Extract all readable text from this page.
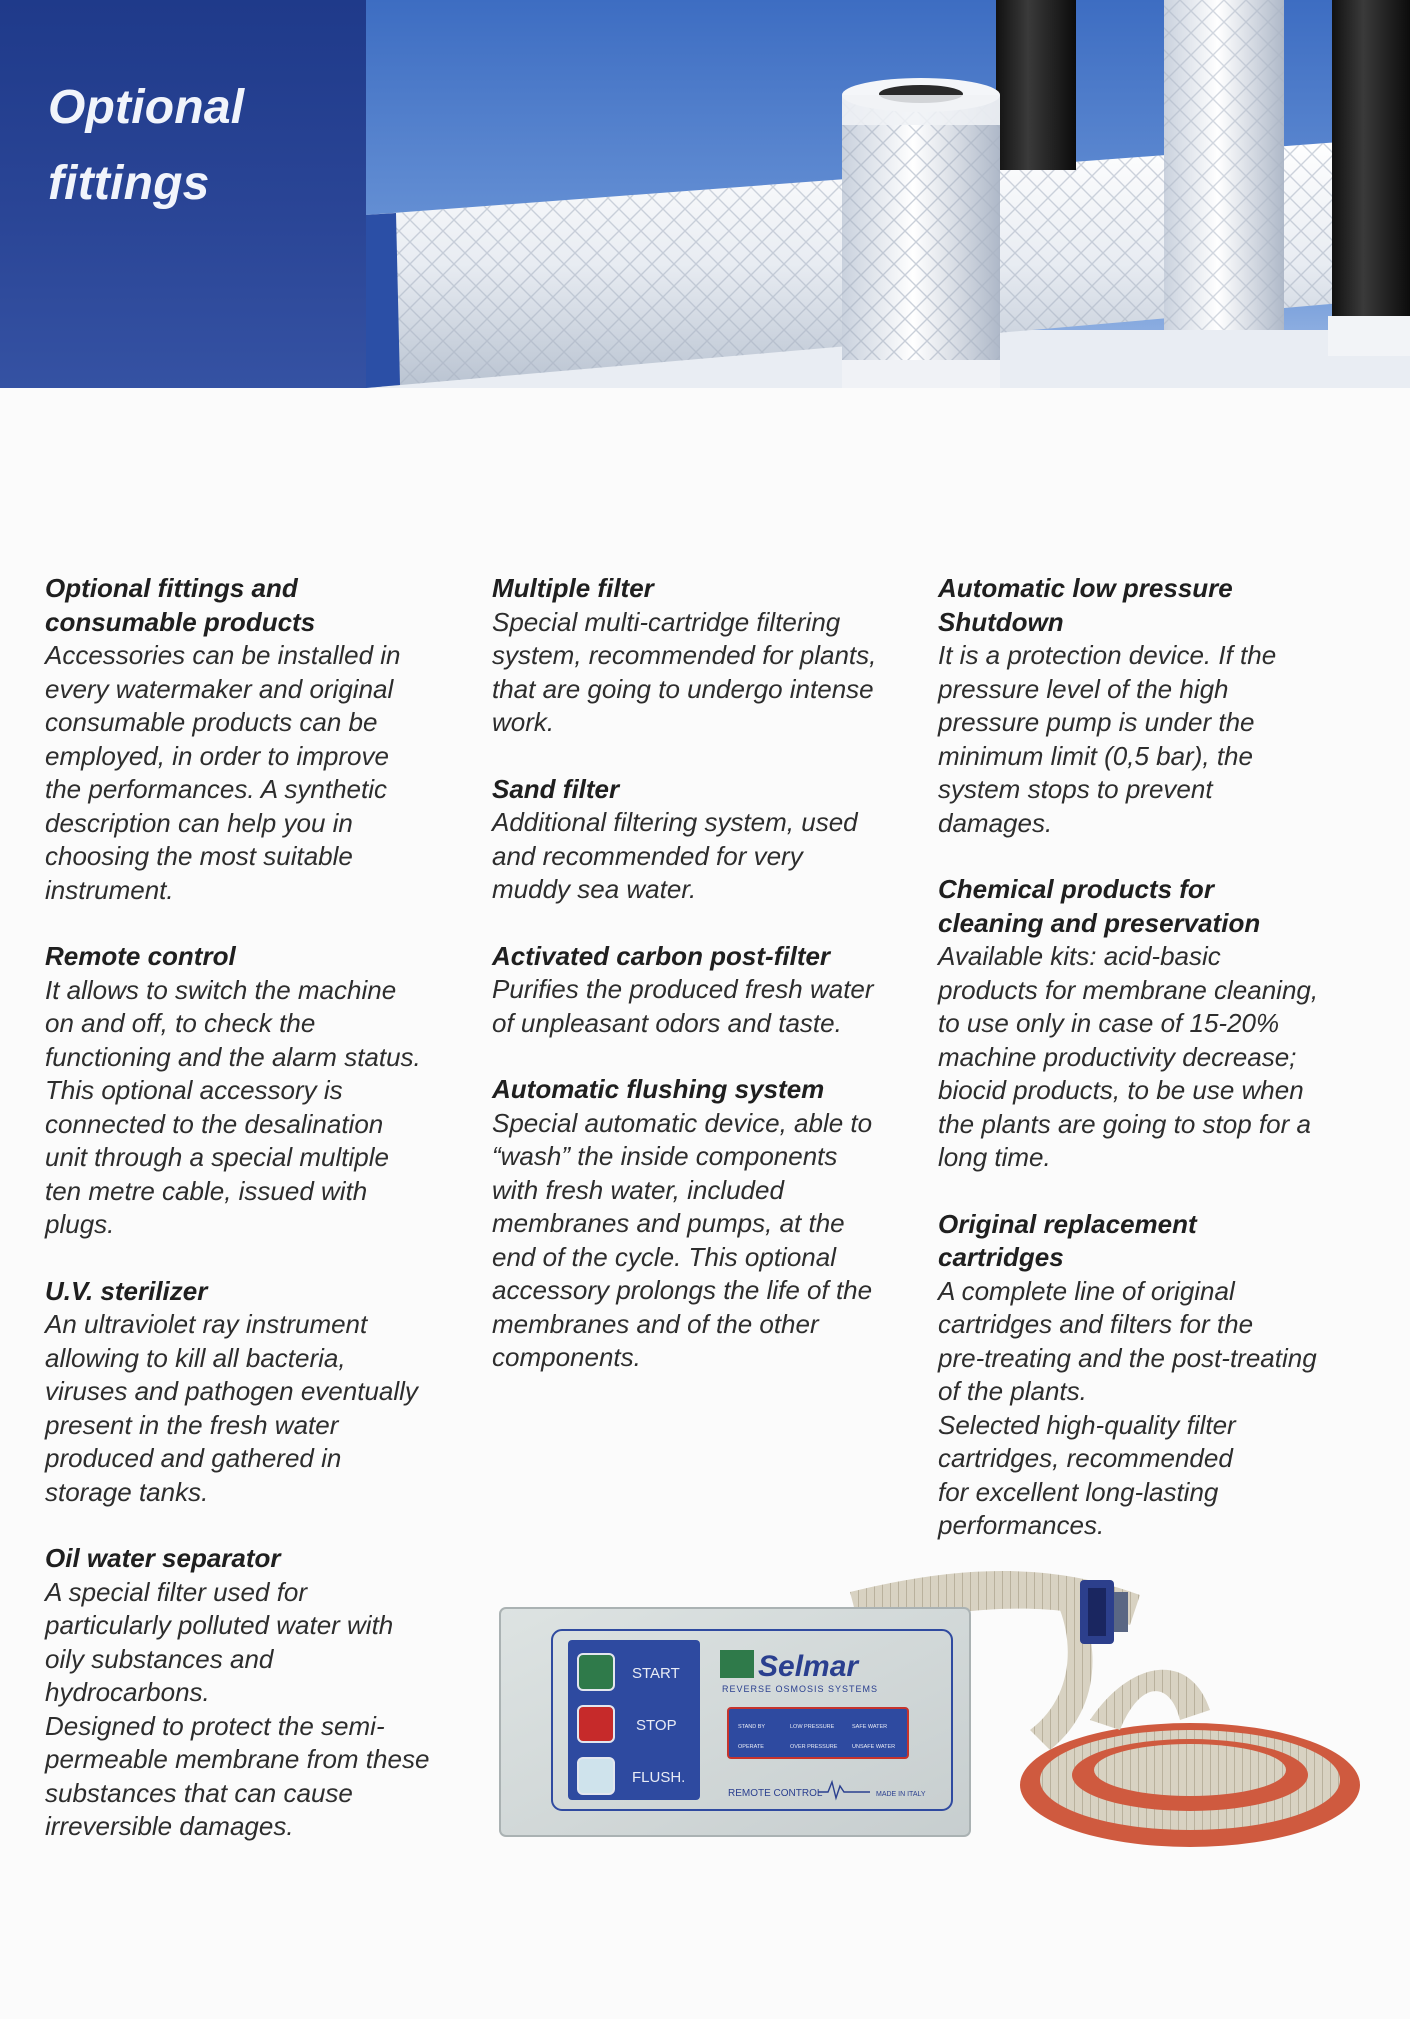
Optional
fittings
Optional fittings and
consumable products

Accessories can be installed in
every watermaker and original
consumable products can be
employed, in order to improve
the performances. A synthetic
description can help you in
choosing the most suitable
instrument.

Remote control

It allows to switch the machine
on and off, to check the
functioning and the alarm status.
This optional accessory is
connected to the desalination
unit through a special multiple
ten metre cable, issued with
plugs.

U.V. sterilizer

An ultraviolet ray instrument
allowing to kill all bacteria,
viruses and pathogen eventually
present in the fresh water
produced and gathered in
storage tanks.

Oil water separator

A special filter used for
particularly polluted water with
oily substances and
hydrocarbons.
Designed to protect the semi-
permeable membrane from these
substances that can cause
irreversible damages.

Multiple filter

Special multi-cartridge filtering
system, recommended for plants,
that are going to undergo intense
work.

Sand filter

Additional filtering system, used
and recommended for very
muddy sea water.

Activated carbon post-filter

Purifies the produced fresh water
of unpleasant odors and taste.

Automatic flushing system

Special automatic device, able to
“wash” the inside components
with fresh water, included
membranes and pumps, at the
end of the cycle. This optional
accessory prolongs the life of the
membranes and of the other
components.

Automatic low pressure
Shutdown

It is a protection device. If the
pressure level of the high
pressure pump is under the
minimum limit (0,5 bar), the
system stops to prevent
damages.

Chemical products for
cleaning and preservation

Available kits: acid-basic
products for membrane cleaning,
to use only in case of 15-20%
machine productivity decrease;
biocid products, to be use when
the plants are going to stop for a
long time.

Original replacement
cartridges

A complete line of original
cartridges and filters for the
pre-treating and the post-treating
of the plants.
Selected high-quality filter
cartridges, recommended
for excellent long-lasting
performances.

START
STOP
FLUSH.
Selmar
REVERSE OSMOSIS SYSTEMS
STAND BY	LOW PRESSURE	SAFE WATER
OPERATE	OVER PRESSURE	UNSAFE WATER
REMOTE CONTROL	MADE IN ITALY
